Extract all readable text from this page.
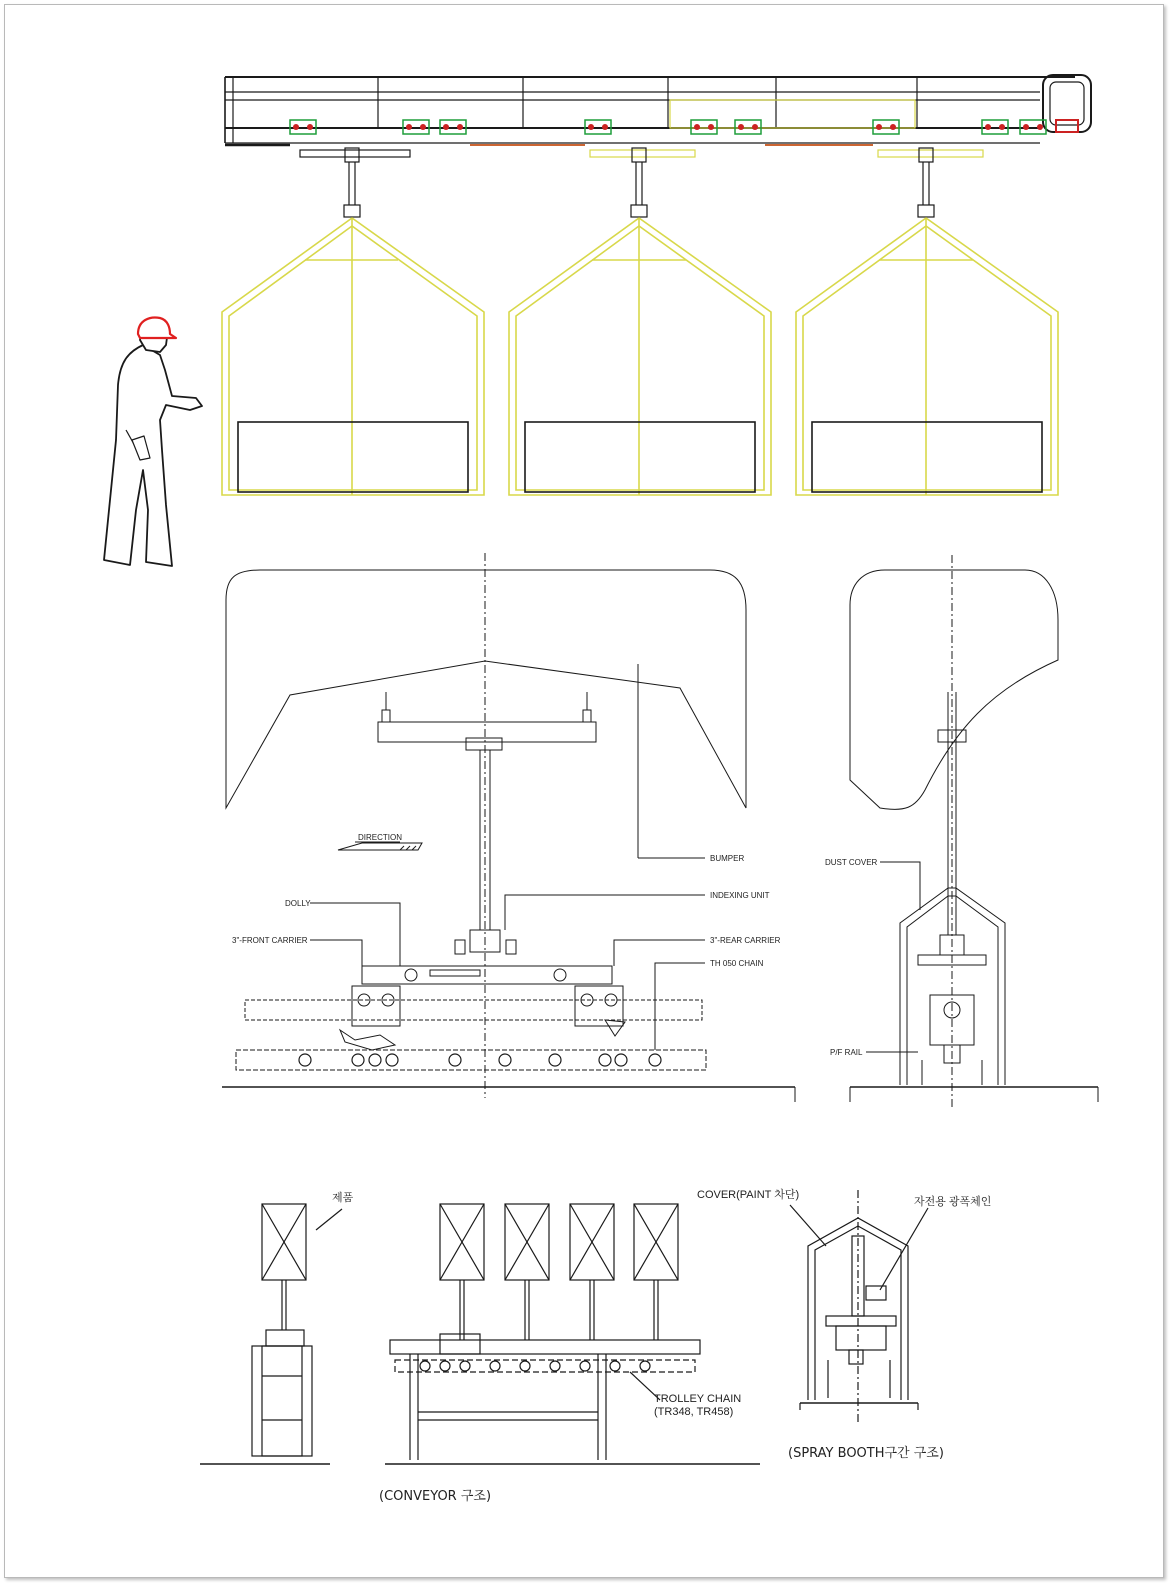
DIRECTION
BUMPER
INDEXING UNIT
DOLLY
3"-FRONT CARRIER	3"-REAR CARRIER
TH 050 CHAIN
DUST COVER
P/F RAIL
제품
TROLLEY CHAIN
(TR348, TR458)
(CONVEYOR 구조)
COVER(PAINT 차단)
자전용 광폭체인
(SPRAY BOOTH구간 구조)
